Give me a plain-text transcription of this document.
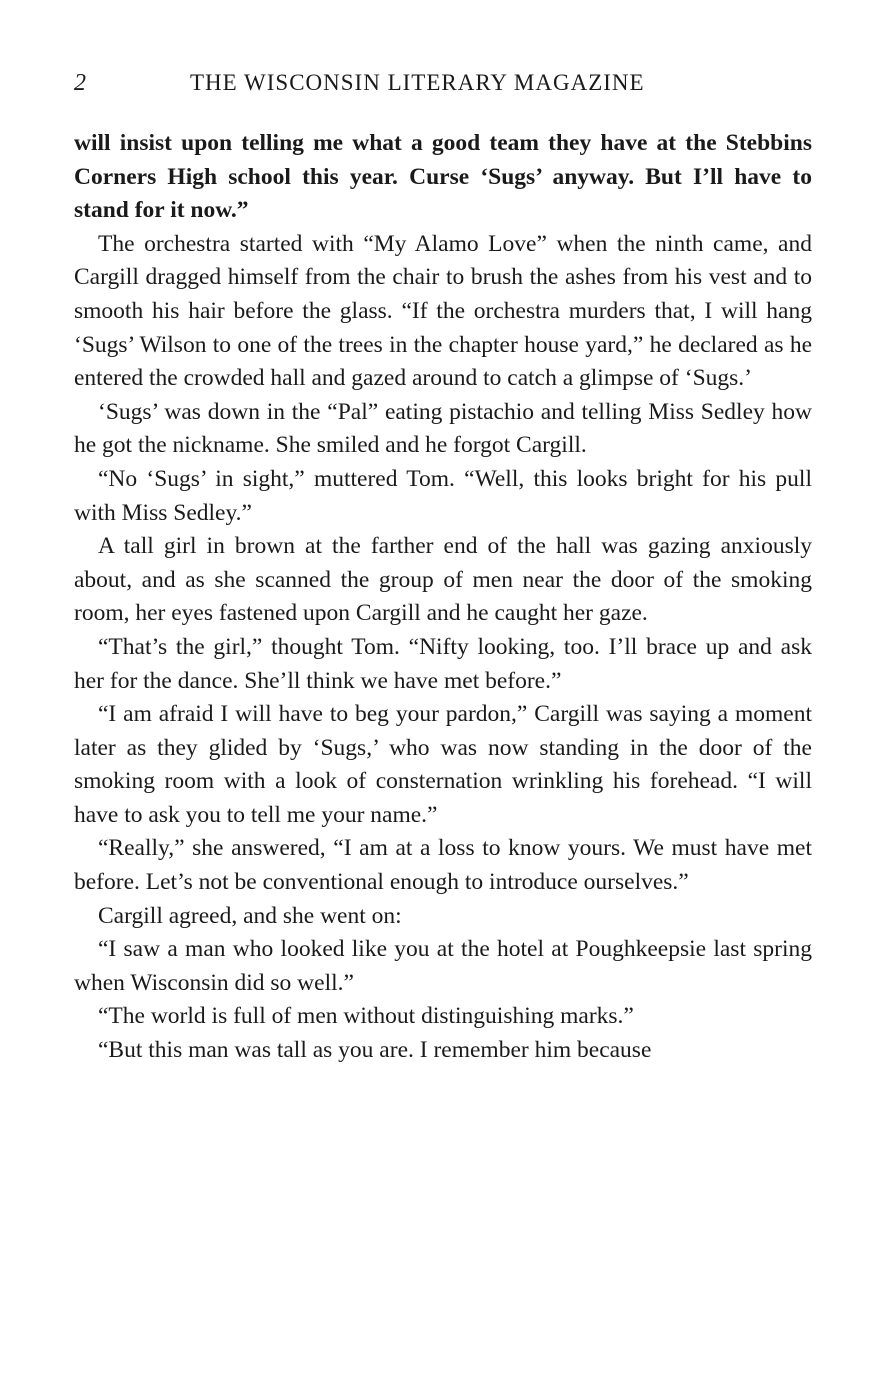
2	THE WISCONSIN LITERARY MAGAZINE

will insist upon telling me what a good team they have at the Stebbins Corners High school this year. Curse ‘Sugs’ anyway. But I’ll have to stand for it now.”

The orchestra started with “My Alamo Love” when the ninth came, and Cargill dragged himself from the chair to brush the ashes from his vest and to smooth his hair before the glass. “If the orchestra murders that, I will hang ‘Sugs’ Wilson to one of the trees in the chapter house yard,” he declared as he entered the crowded hall and gazed around to catch a glimpse of ‘Sugs.’

‘Sugs’ was down in the “Pal” eating pistachio and telling Miss Sedley how he got the nickname. She smiled and he forgot Cargill.

“No ‘Sugs’ in sight,” muttered Tom. “Well, this looks bright for his pull with Miss Sedley.”

A tall girl in brown at the farther end of the hall was gazing anxiously about, and as she scanned the group of men near the door of the smoking room, her eyes fastened upon Cargill and he caught her gaze.

“That’s the girl,” thought Tom. “Nifty looking, too. I’ll brace up and ask her for the dance. She’ll think we have met before.”

“I am afraid I will have to beg your pardon,” Cargill was saying a moment later as they glided by ‘Sugs,’ who was now standing in the door of the smoking room with a look of consternation wrinkling his forehead. “I will have to ask you to tell me your name.”

“Really,” she answered, “I am at a loss to know yours. We must have met before. Let’s not be conventional enough to introduce ourselves.”

Cargill agreed, and she went on:

“I saw a man who looked like you at the hotel at Poughkeepsie last spring when Wisconsin did so well.”

“The world is full of men without distinguishing marks.”

“But this man was tall as you are. I remember him because
